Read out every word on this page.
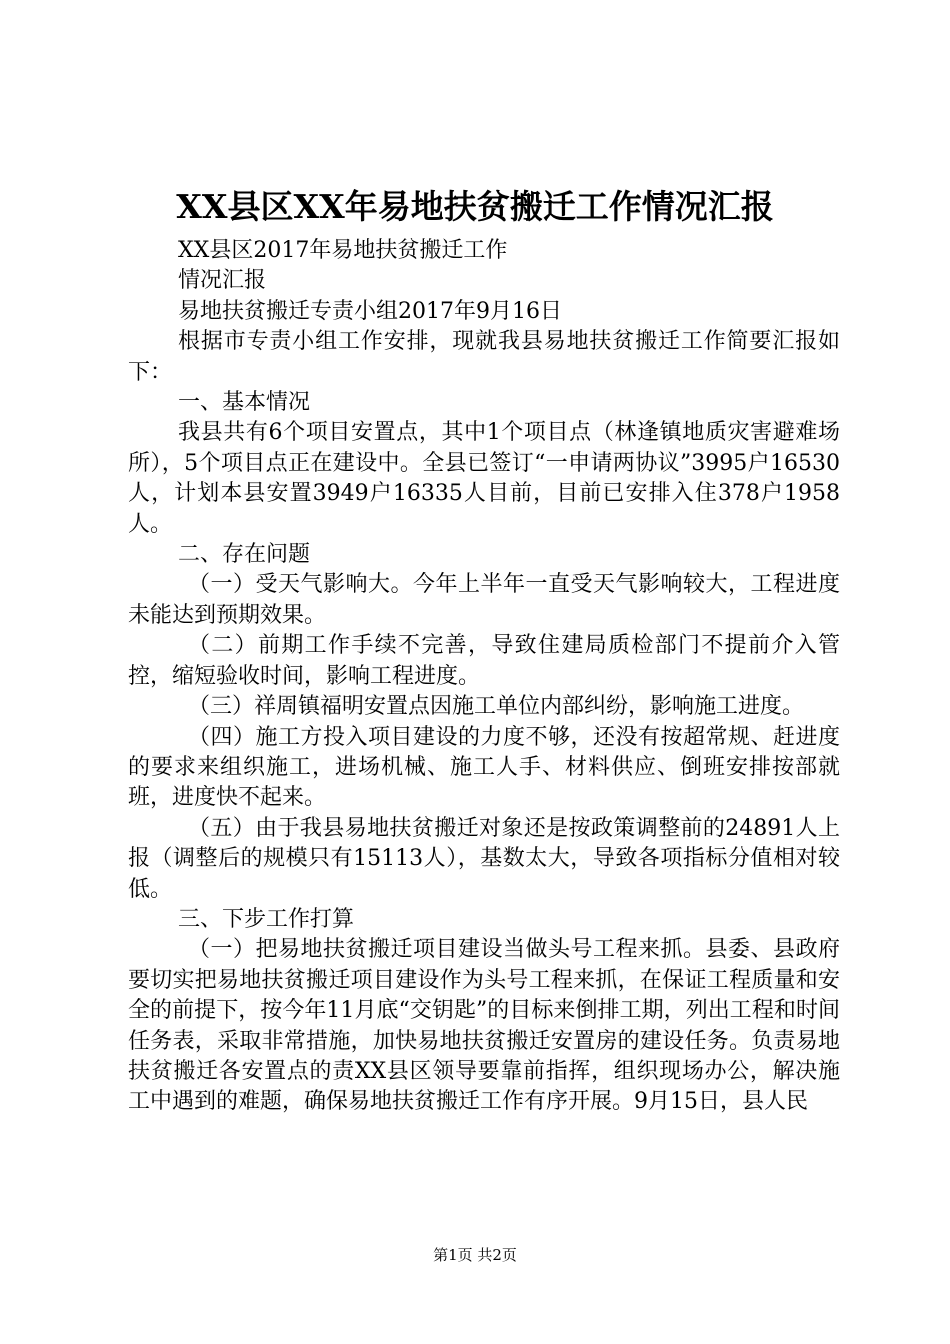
XX县区XX年易地扶贫搬迁工作情况汇报

XX县区2017年易地扶贫搬迁工作

情况汇报

易地扶贫搬迁专责小组2017年9月16日

根据市专责小组工作安排，现就我县易地扶贫搬迁工作简要汇报如下：

一、基本情况

我县共有6个项目安置点，其中1个项目点（林逢镇地质灾害避难场所），5个项目点正在建设中。全县已签订“一申请两协议”3995户16530人，计划本县安置3949户16335人目前，目前已安排入住378户1958人。

二、存在问题

（一）受天气影响大。今年上半年一直受天气影响较大，工程进度未能达到预期效果。

（二）前期工作手续不完善，导致住建局质检部门不提前介入管控，缩短验收时间，影响工程进度。

（三）祥周镇福明安置点因施工单位内部纠纷，影响施工进度。

（四）施工方投入项目建设的力度不够，还没有按超常规、赶进度的要求来组织施工，进场机械、施工人手、材料供应、倒班安排按部就班，进度快不起来。

（五）由于我县易地扶贫搬迁对象还是按政策调整前的24891人上报（调整后的规模只有15113人），基数太大，导致各项指标分值相对较低。

三、下步工作打算

（一）把易地扶贫搬迁项目建设当做头号工程来抓。县委、县政府要切实把易地扶贫搬迁项目建设作为头号工程来抓，在保证工程质量和安全的前提下，按今年11月底“交钥匙”的目标来倒排工期，列出工程和时间任务表，采取非常措施，加快易地扶贫搬迁安置房的建设任务。负责易地扶贫搬迁各安置点的责XX县区领导要靠前指挥，组织现场办公，解决施工中遇到的难题，确保易地扶贫搬迁工作有序开展。9月15日，县人民

第1页 共2页
